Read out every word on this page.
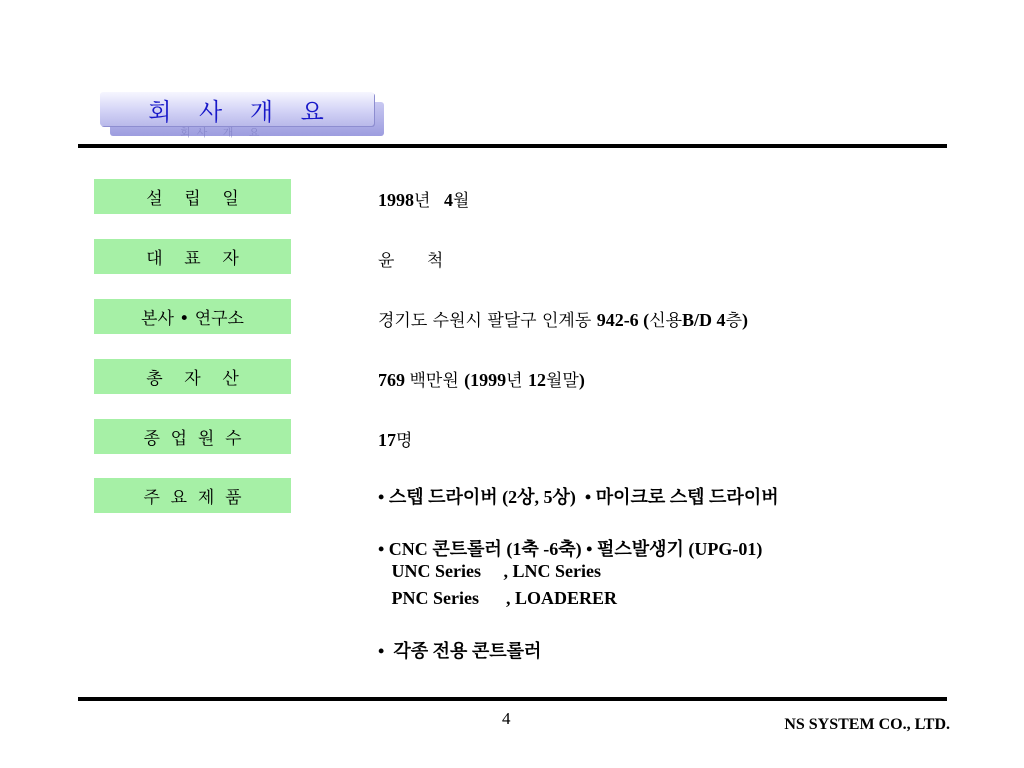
회사 개 요
회 사 개 요
설    립    일	1998년   4월
대    표    자	윤      척
본사 • 연구소	경기도 수원시 팔달구 인계동 942-6 (신용B/D 4층)
총    자    산	769 백만원 (1999년 12월말)
종  업  원  수	17명
주  요  제  품	• 스텝 드라이버 (2상, 5상)  • 마이크로 스텝 드라이버
• CNC 콘트롤러 (1축 -6축) • 펄스발생기 (UPG-01)
UNC Series     , LNC Series
PNC Series      , LOADERER
•  각종 전용 콘트롤러
4	NS SYSTEM CO., LTD.
